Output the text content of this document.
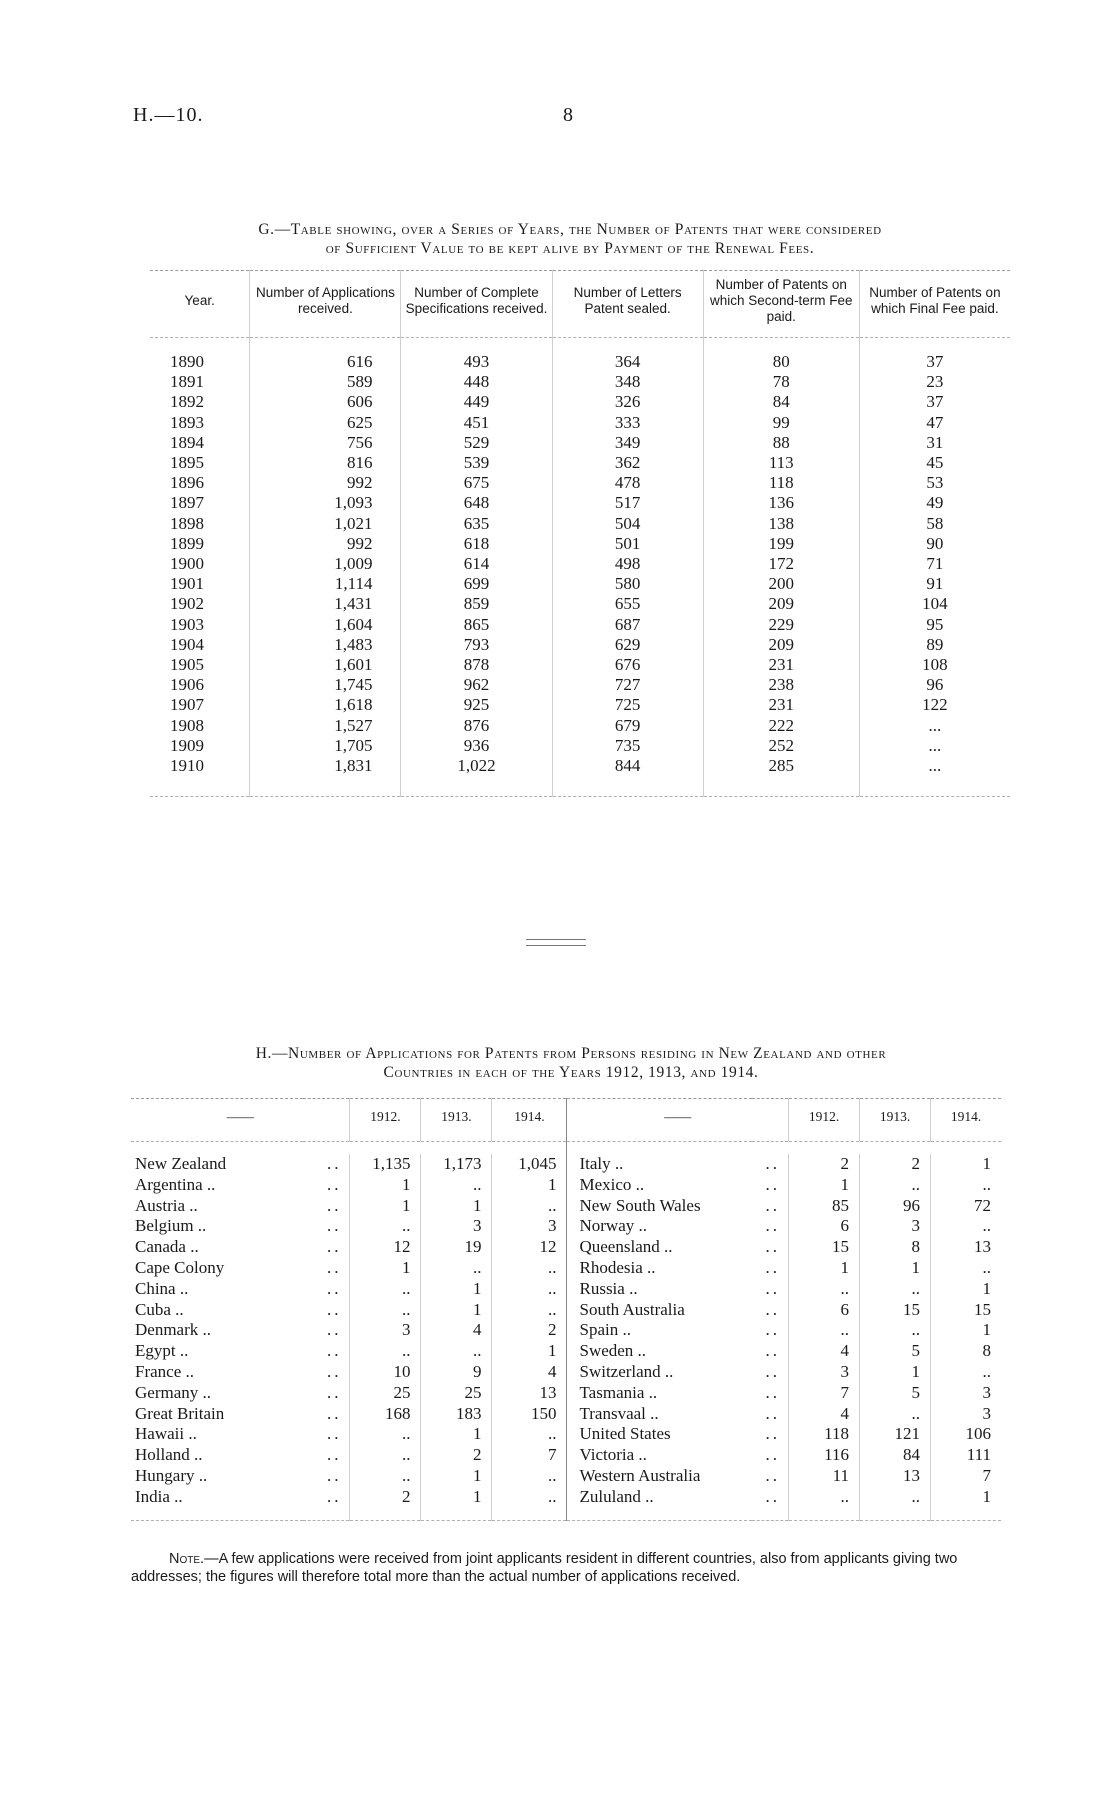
H.—10.	8
G.—Table showing, over a Series of Years, the Number of Patents that were considered
of Sufficient Value to be kept alive by Payment of the Renewal Fees.
Year.	Number of Applications received.	Number of Complete Specifications received.	Number of Letters Patent sealed.	Number of Patents on which Second-term Fee paid.	Number of Patents on which Final Fee paid.

1890	616	493	364	80	37
1891	589	448	348	78	23
1892	606	449	326	84	37
1893	625	451	333	99	47
1894	756	529	349	88	31
1895	816	539	362	113	45
1896	992	675	478	118	53
1897	1,093	648	517	136	49
1898	1,021	635	504	138	58
1899	992	618	501	199	90
1900	1,009	614	498	172	71
1901	1,114	699	580	200	91
1902	1,431	859	655	209	104
1903	1,604	865	687	229	95
1904	1,483	793	629	209	89
1905	1,601	878	676	231	108
1906	1,745	962	727	238	96
1907	1,618	925	725	231	122
1908	1,527	876	679	222	...
1909	1,705	936	735	252	...
1910	1,831	1,022	844	285	...
H.—Number of Applications for Patents from Persons residing in New Zealand and other
Countries in each of the Years 1912, 1913, and 1914.
——		1912.	1913.	1914.	——		1912.	1913.	1914.

New Zealand	..	1,135	1,173	1,045	Italy ..	..	2	2	1
Argentina ..	..	1	..	1	Mexico ..	..	1	..	..
Austria ..	..	1	1	..	New South Wales	..	85	96	72
Belgium ..	..	..	3	3	Norway ..	..	6	3	..
Canada ..	..	12	19	12	Queensland ..	..	15	8	13
Cape Colony	..	1	..	..	Rhodesia ..	..	1	1	..
China ..	..	..	1	..	Russia ..	..	..	..	1
Cuba ..	..	..	1	..	South Australia	..	6	15	15
Denmark ..	..	3	4	2	Spain ..	..	..	..	1
Egypt ..	..	..	..	1	Sweden ..	..	4	5	8
France ..	..	10	9	4	Switzerland ..	..	3	1	..
Germany ..	..	25	25	13	Tasmania ..	..	7	5	3
Great Britain	..	168	183	150	Transvaal ..	..	4	..	3
Hawaii ..	..	..	1	..	United States	..	118	121	106
Holland ..	..	..	2	7	Victoria ..	..	116	84	111
Hungary ..	..	..	1	..	Western Australia	..	11	13	7
India ..	..	2	1	..	Zululand ..	..	..	..	1
Note.—A few applications were received from joint applicants resident in different countries, also from applicants giving two addresses; the figures will therefore total more than the actual number of applications received.
